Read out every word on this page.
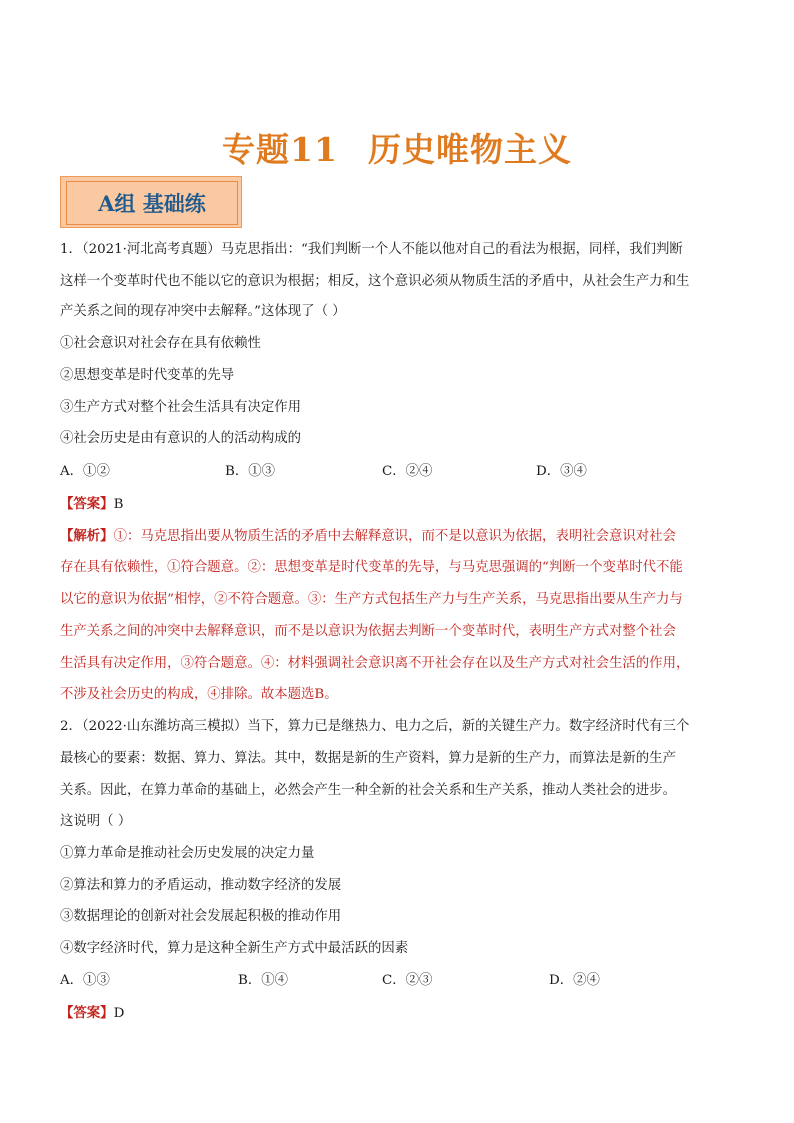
专题11 历史唯物主义
A组 基础练
1．（2021·河北高考真题）马克思指出：“我们判断一个人不能以他对自己的看法为根据，同样，我们判断
这样一个变革时代也不能以它的意识为根据；相反，这个意识必须从物质生活的矛盾中，从社会生产力和生
产关系之间的现存冲突中去解释。”这体现了（ ）
①社会意识对社会存在具有依赖性
②思想变革是时代变革的先导
③生产方式对整个社会生活具有决定作用
④社会历史是由有意识的人的活动构成的
A．①②	B．①③	C．②④	D．③④
【答案】B
【解析】①：马克思指出要从物质生活的矛盾中去解释意识，而不是以意识为依据，表明社会意识对社会
存在具有依赖性，①符合题意。②：思想变革是时代变革的先导，与马克思强调的“判断一个变革时代不能
以它的意识为依据”相悖，②不符合题意。③：生产方式包括生产力与生产关系，马克思指出要从生产力与
生产关系之间的冲突中去解释意识，而不是以意识为依据去判断一个变革时代，表明生产方式对整个社会
生活具有决定作用，③符合题意。④：材料强调社会意识离不开社会存在以及生产方式对社会生活的作用，
不涉及社会历史的构成，④排除。故本题选B。
2．（2022·山东潍坊高三模拟）当下，算力已是继热力、电力之后，新的关键生产力。数字经济时代有三个
最核心的要素：数据、算力、算法。其中，数据是新的生产资料，算力是新的生产力，而算法是新的生产
关系。因此，在算力革命的基础上，必然会产生一种全新的社会关系和生产关系，推动人类社会的进步。
这说明（ ）
①算力革命是推动社会历史发展的决定力量
②算法和算力的矛盾运动，推动数字经济的发展
③数据理论的创新对社会发展起积极的推动作用
④数字经济时代，算力是这种全新生产方式中最活跃的因素
A．①③	B．①④	C．②③	D．②④
【答案】D
